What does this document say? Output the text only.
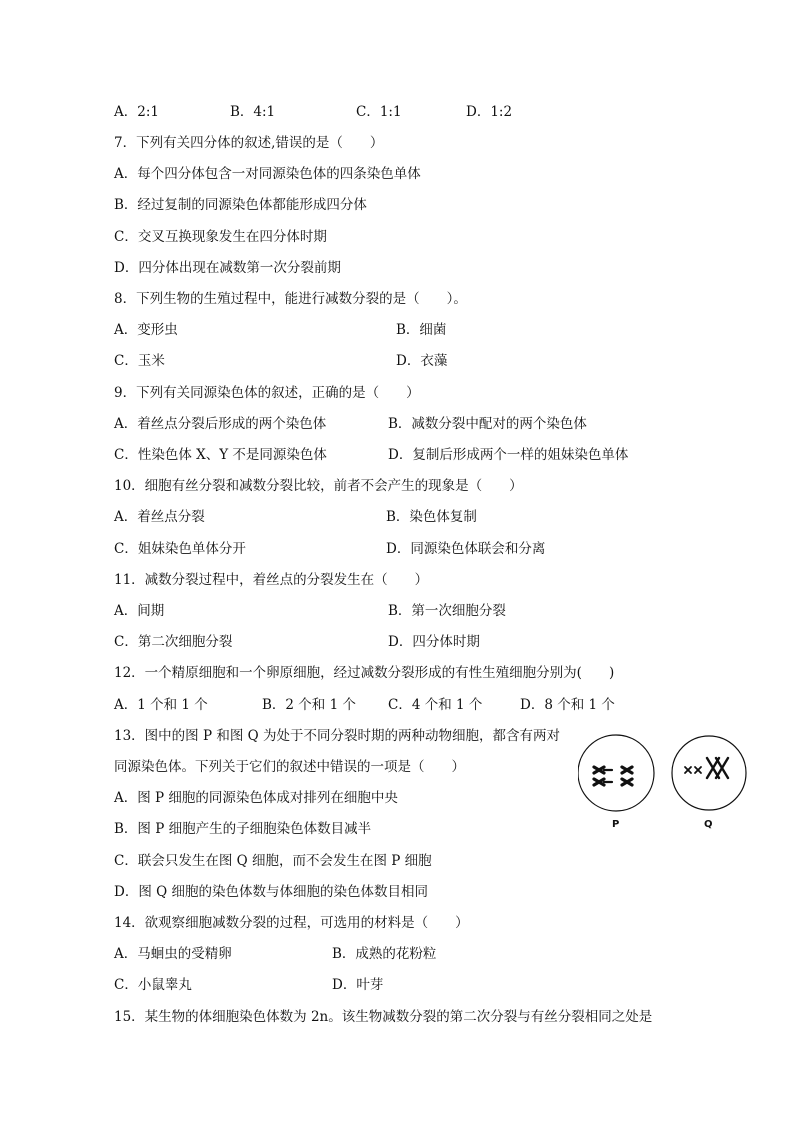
A．2:1	B．4:1	C．1:1	D．1:2
7．下列有关四分体的叙述,错误的是（　　）
A．每个四分体包含一对同源染色体的四条染色单体
B．经过复制的同源染色体都能形成四分体
C．交叉互换现象发生在四分体时期
D．四分体出现在减数第一次分裂前期
8．下列生物的生殖过程中，能进行减数分裂的是（　　）。
A．变形虫	B．细菌
C．玉米	D．衣藻
9．下列有关同源染色体的叙述，正确的是（　　）
A．着丝点分裂后形成的两个染色体	B．减数分裂中配对的两个染色体
C．性染色体 X、Y 不是同源染色体	D．复制后形成两个一样的姐妹染色单体
10．细胞有丝分裂和减数分裂比较，前者不会产生的现象是（　　）
A．着丝点分裂	B．染色体复制
C．姐妹染色单体分开	D．同源染色体联会和分离
11．减数分裂过程中，着丝点的分裂发生在（　　）
A．间期	B．第一次细胞分裂
C．第二次细胞分裂	D．四分体时期
12．一个精原细胞和一个卵原细胞，经过减数分裂形成的有性生殖细胞分别为(　　)
A．1 个和 1 个	B．2 个和 1 个 C．4 个和 1 个	D．8 个和 1 个
13．图中的图 P 和图 Q 为处于不同分裂时期的两种动物细胞，都含有两对
同源染色体。下列关于它们的叙述中错误的一项是（　　）
A．图 P 细胞的同源染色体成对排列在细胞中央
B．图 P 细胞产生的子细胞染色体数目减半
C．联会只发生在图 Q 细胞，而不会发生在图 P 细胞
D．图 Q 细胞的染色体数与体细胞的染色体数目相同
P	Q
14．欲观察细胞减数分裂的过程，可选用的材料是（　　）
A．马蛔虫的受精卵	B．成熟的花粉粒
C．小鼠睾丸	D．叶芽
15．某生物的体细胞染色体数为 2n。该生物减数分裂的第二次分裂与有丝分裂相同之处是
